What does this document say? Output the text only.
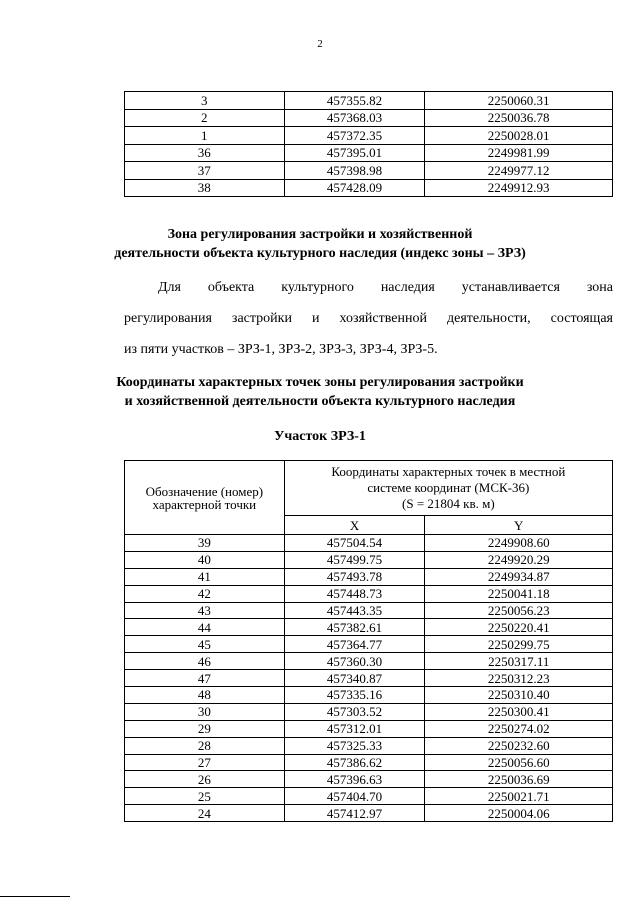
2
3	457355.82	2250060.31
2	457368.03	2250036.78
1	457372.35	2250028.01
36	457395.01	2249981.99
37	457398.98	2249977.12
38	457428.09	2249912.93
Зона регулирования застройки и хозяйственной
деятельности объекта культурного наследия (индекс зоны – ЗРЗ)
Для объекта культурного наследия устанавливается зона
регулирования застройки и хозяйственной деятельности, состоящая
из пяти участков – ЗРЗ-1, ЗРЗ-2, ЗРЗ-3, ЗРЗ-4, ЗРЗ-5.
Координаты характерных точек зоны регулирования застройки
и хозяйственной деятельности объекта культурного наследия
Участок ЗРЗ-1
Обозначение (номер) характерной точки	Координаты характерных точек в местной
системе координат (МСК-36)
(S = 21804 кв. м)	

	X	Y
39	457504.54	2249908.60
40	457499.75	2249920.29
41	457493.78	2249934.87
42	457448.73	2250041.18
43	457443.35	2250056.23
44	457382.61	2250220.41
45	457364.77	2250299.75
46	457360.30	2250317.11
47	457340.87	2250312.23
48	457335.16	2250310.40
30	457303.52	2250300.41
29	457312.01	2250274.02
28	457325.33	2250232.60
27	457386.62	2250056.60
26	457396.63	2250036.69
25	457404.70	2250021.71
24	457412.97	2250004.06
